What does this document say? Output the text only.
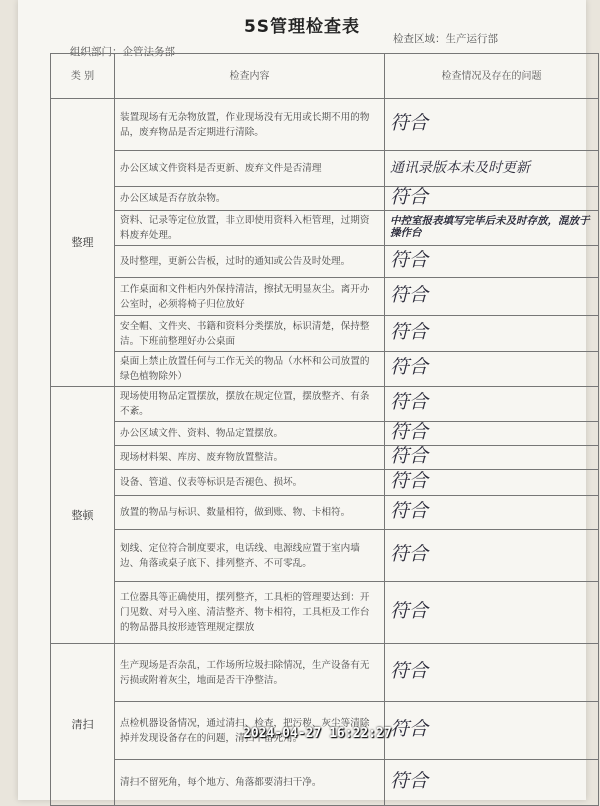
5S管理检查表
检查区域：生产运行部
组织部门：企管法务部
类 别	检查内容	检查情况及存在的问题
整理	装置现场有无杂物放置，作业现场没有无用或长期不用的物品，废弃物品是否定期进行清除。	符合
	办公区域文件资料是否更新、废弃文件是否清理	通讯录版本未及时更新
	办公区域是否存放杂物。	符合
	资料、记录等定位放置，非立即使用资料入柜管理，过期资料废弃处理。	中控室报表填写完毕后未及时存放，混放于操作台
	及时整理，更新公告板，过时的通知或公告及时处理。	符合
	工作桌面和文件柜内外保持清洁，擦拭无明显灰尘。离开办公室时，必须将椅子归位放好	符合
	安全帽、文件夹、书籍和资料分类摆放，标识清楚，保持整洁。下班前整理好办公桌面	符合
	桌面上禁止放置任何与工作无关的物品（水杯和公司放置的绿色植物除外）	符合
整顿	现场使用物品定置摆放，摆放在规定位置，摆放整齐、有条不紊。	符合
	办公区域文件、资料、物品定置摆放。	符合
	现场材料架、库房、废弃物放置整洁。	符合
	设备、管道、仪表等标识是否褪色、损坏。	符合
	放置的物品与标识、数量相符，做到账、物、卡相符。	符合
	划线、定位符合制度要求，电话线、电源线应置于室内墙边、角落或桌子底下、排列整齐、不可零乱。	符合
	工位器具等正确使用，摆列整齐，工具柜的管理要达到：开门见数、对号入座、清洁整齐、物卡相符，工具柜及工作台的物品器具按形迹管理规定摆放	符合
清扫	生产现场是否杂乱，工作场所垃圾扫除情况，生产设备有无污损或附着灰尘，地面是否干净整洁。	符合
	点检机器设备情况，通过清扫、检查，把污秽、灰尘等清除掉并发现设备存在的问题，清扫不留死角。	符合
	清扫不留死角，每个地方、角落都要清扫干净。	符合
2024-04-27 16:22:27
